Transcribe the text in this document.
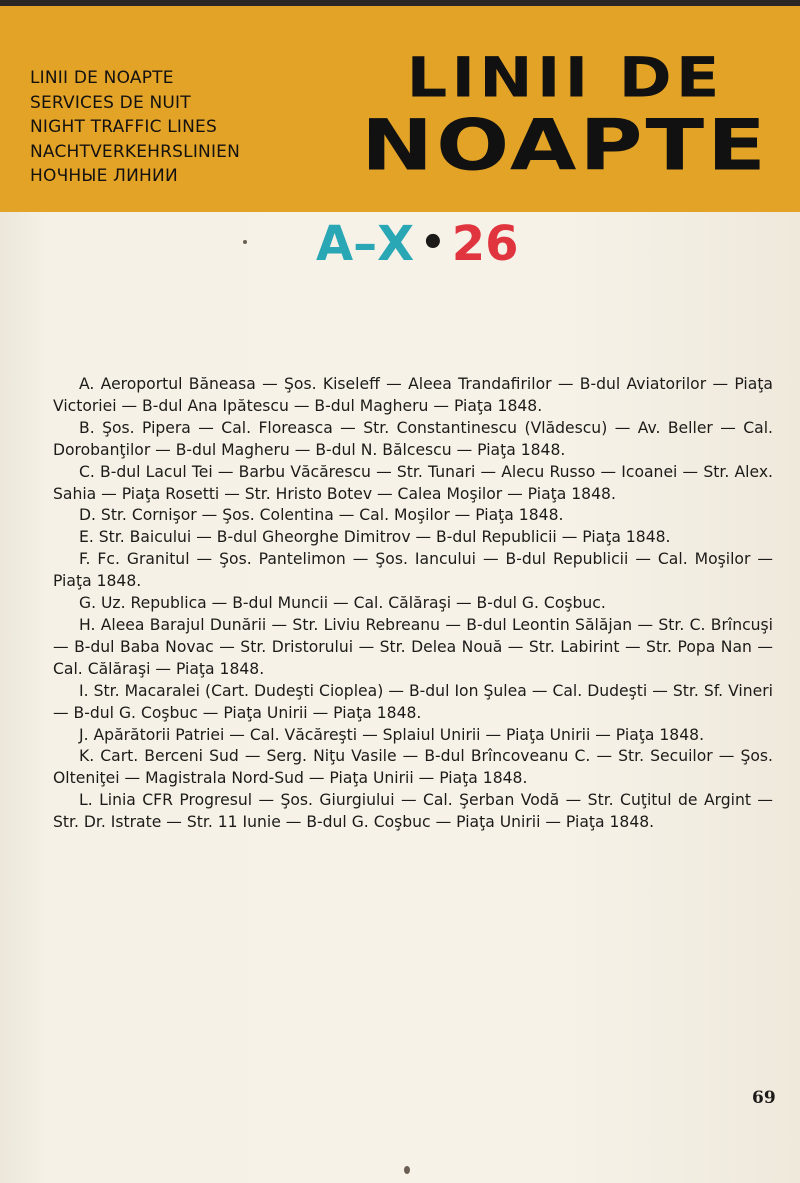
LINII DE NOAPTE
SERVICES DE NUIT
NIGHT TRAFFIC LINES
NACHTVERKEHRSLINIEN
НОЧНЫЕ ЛИНИИ
LINII DE
NOAPTE
A–X • 26

A. Aeroportul Băneasa — Şos. Kiseleff — Aleea Trandafirilor — B-dul Aviatorilor — Piaţa Victoriei — B-dul Ana Ipătescu — B-dul Magheru — Piaţa 1848.

B. Şos. Pipera — Cal. Floreasca — Str. Constantinescu (Vlădescu) — Av. Beller — Cal. Dorobanţilor — B-dul Magheru — B-dul N. Bălcescu — Piaţa 1848.

C. B-dul Lacul Tei — Barbu Văcărescu — Str. Tunari — Alecu Russo — Icoanei — Str. Alex. Sahia — Piaţa Rosetti — Str. Hristo Botev — Calea Moşilor — Piaţa 1848.

D. Str. Cornişor — Şos. Colentina — Cal. Moşilor — Piaţa 1848.

E. Str. Baicului — B-dul Gheorghe Dimitrov — B-dul Republicii — Piaţa 1848.

F. Fc. Granitul — Şos. Pantelimon — Şos. Iancului — B-dul Republicii — Cal. Moşilor — Piaţa 1848.

G. Uz. Republica — B-dul Muncii — Cal. Călăraşi — B-dul G. Coşbuc.

H. Aleea Barajul Dunării — Str. Liviu Rebreanu — B-dul Leontin Sălăjan — Str. C. Brîncuşi — B-dul Baba Novac — Str. Dristorului — Str. Delea Nouă — Str. Labirint — Str. Popa Nan — Cal. Călăraşi — Piaţa 1848.

I. Str. Macaralei (Cart. Dudeşti Cioplea) — B-dul Ion Şulea — Cal. Dudeşti — Str. Sf. Vineri — B-dul G. Coşbuc — Piaţa Unirii — Piaţa 1848.

J. Apărătorii Patriei — Cal. Văcăreşti — Splaiul Unirii — Piaţa Unirii — Piaţa 1848.

K. Cart. Berceni Sud — Serg. Niţu Vasile — B-dul Brîncoveanu C. — Str. Secuilor — Şos. Olteniţei — Magistrala Nord-Sud — Piaţa Unirii — Piaţa 1848.

L. Linia CFR Progresul — Şos. Giurgiului — Cal. Şerban Vodă — Str. Cuţitul de Argint — Str. Dr. Istrate — Str. 11 Iunie — B-dul G. Coşbuc — Piaţa Unirii — Piaţa 1848.

69
